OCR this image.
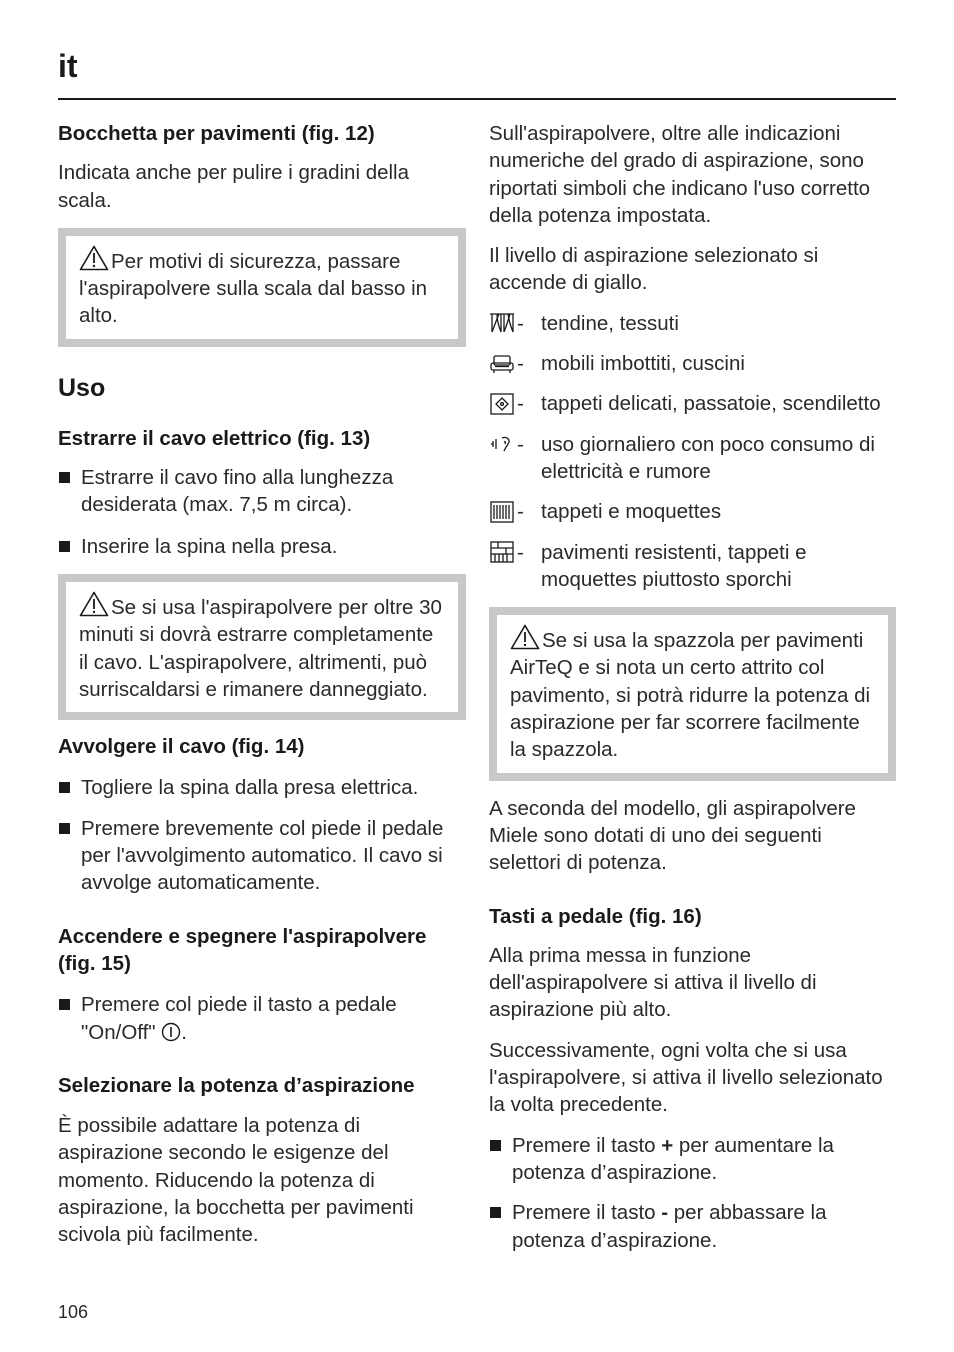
it
Bocchetta per pavimenti (fig. 12)

Indicata anche per pulire i gradini della scala.

Per motivi di sicurezza, passare l'aspirapolvere sulla scala dal basso in alto.

Uso
Estrarre il cavo elettrico (fig. 13)

Estrarre il cavo fino alla lunghezza desiderata (max. 7,5 m circa).

Inserire la spina nella presa.

Se si usa l'aspirapolvere per oltre 30 minuti si dovrà estrarre completamente il cavo. L'aspirapolvere, altrimenti, può surriscaldarsi e rimanere danneggiato.

Avvolgere il cavo (fig. 14)

Togliere la spina dalla presa elettrica.

Premere brevemente col piede il pedale per l'avvolgimento automatico. Il cavo si avvolge automaticamente.

Accendere e spegnere l'aspirapolvere (fig. 15)

Premere col piede il tasto a pedale "On/Off" .

Selezionare la potenza d’aspirazione

È possibile adattare la potenza di aspirazione secondo le esigenze del momento. Riducendo la potenza di aspirazione, la bocchetta per pavimenti scivola più facilmente.

Sull'aspirapolvere, oltre alle indicazioni numeriche del grado di aspirazione, sono riportati simboli che indicano l'uso corretto della potenza impostata.

Il livello di aspirazione selezionato si accende di giallo.

- tendine, tessuti

- mobili imbottiti, cuscini

- tappeti delicati, passatoie, scendiletto

- uso giornaliero con poco consumo di elettricità e rumore

- tappeti e moquettes

- pavimenti resistenti, tappeti e moquettes piuttosto sporchi

Se si usa la spazzola per pavimenti AirTeQ e si nota un certo attrito col pavimento, si potrà ridurre la potenza di aspirazione per far scorrere facilmente la spazzola.

A seconda del modello, gli aspirapolvere Miele sono dotati di uno dei seguenti selettori di potenza.

Tasti a pedale (fig. 16)

Alla prima messa in funzione dell'aspirapolvere si attiva il livello di aspirazione più alto.

Successivamente, ogni volta che si usa l'aspirapolvere, si attiva il livello selezionato la volta precedente.

Premere il tasto + per aumentare la potenza d’aspirazione.

Premere il tasto - per abbassare la potenza d’aspirazione.

106
